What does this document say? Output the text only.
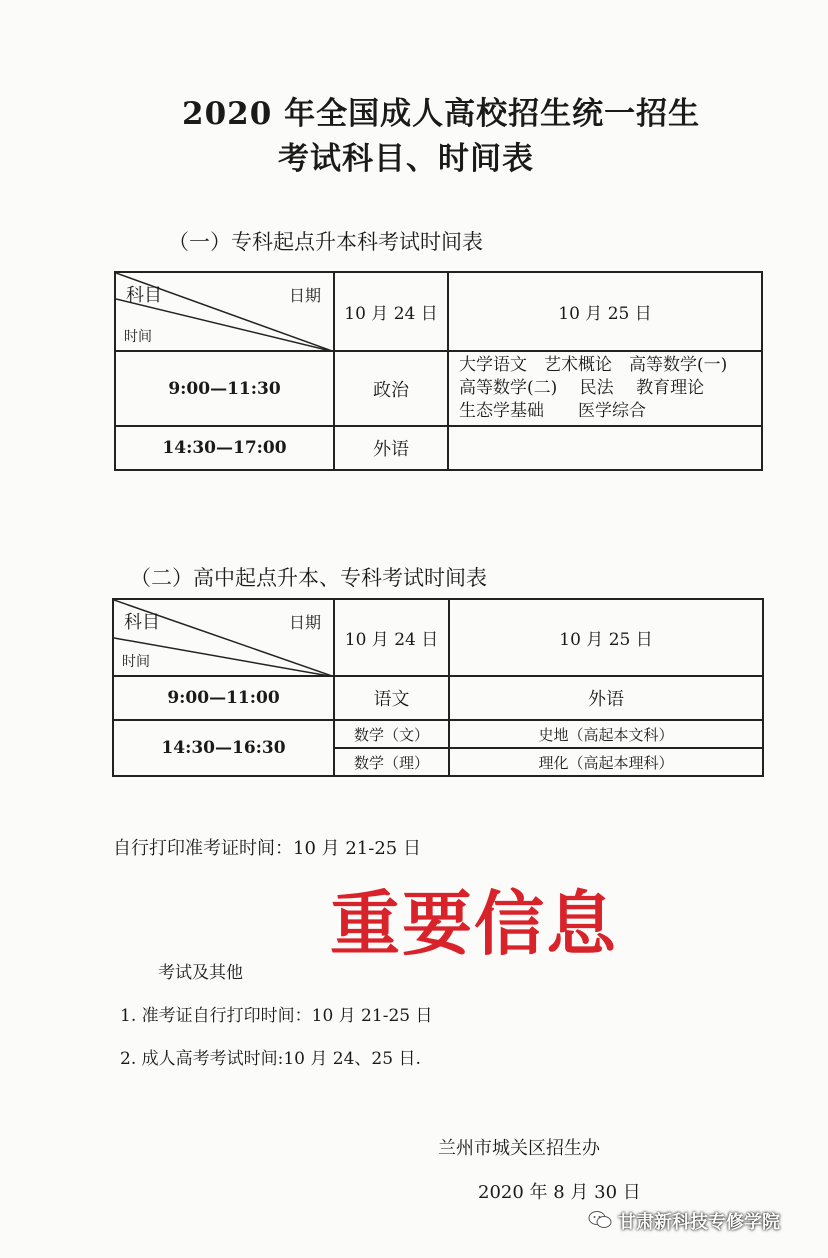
2020 年全国成人高校招生统一招生
考试科目、时间表
（一）专科起点升本科考试时间表
科目 日期
时间	10 月 24 日	10 月 25 日
9:00—11:30	政治	大学语文　艺术概论　高等数学(一)
高等数学(二)　 民法　 教育理论
生态学基础　　医学综合

14:30—17:00	外语	
（二）高中起点升本、专科考试时间表
科目 日期
时间	10 月 24 日	10 月 25 日
9:00—11:00	语文	外语
14:30—16:30	数学（文）	史地（高起本文科）
	数学（理）	理化（高起本理科）
自行打印准考证时间：10 月 21-25 日
重要信息
考试及其他
1. 准考证自行打印时间：10 月 21-25 日
2. 成人高考考试时间:10 月 24、25 日.
兰州市城关区招生办
2020 年 8 月 30 日
甘肃新科技专修学院
